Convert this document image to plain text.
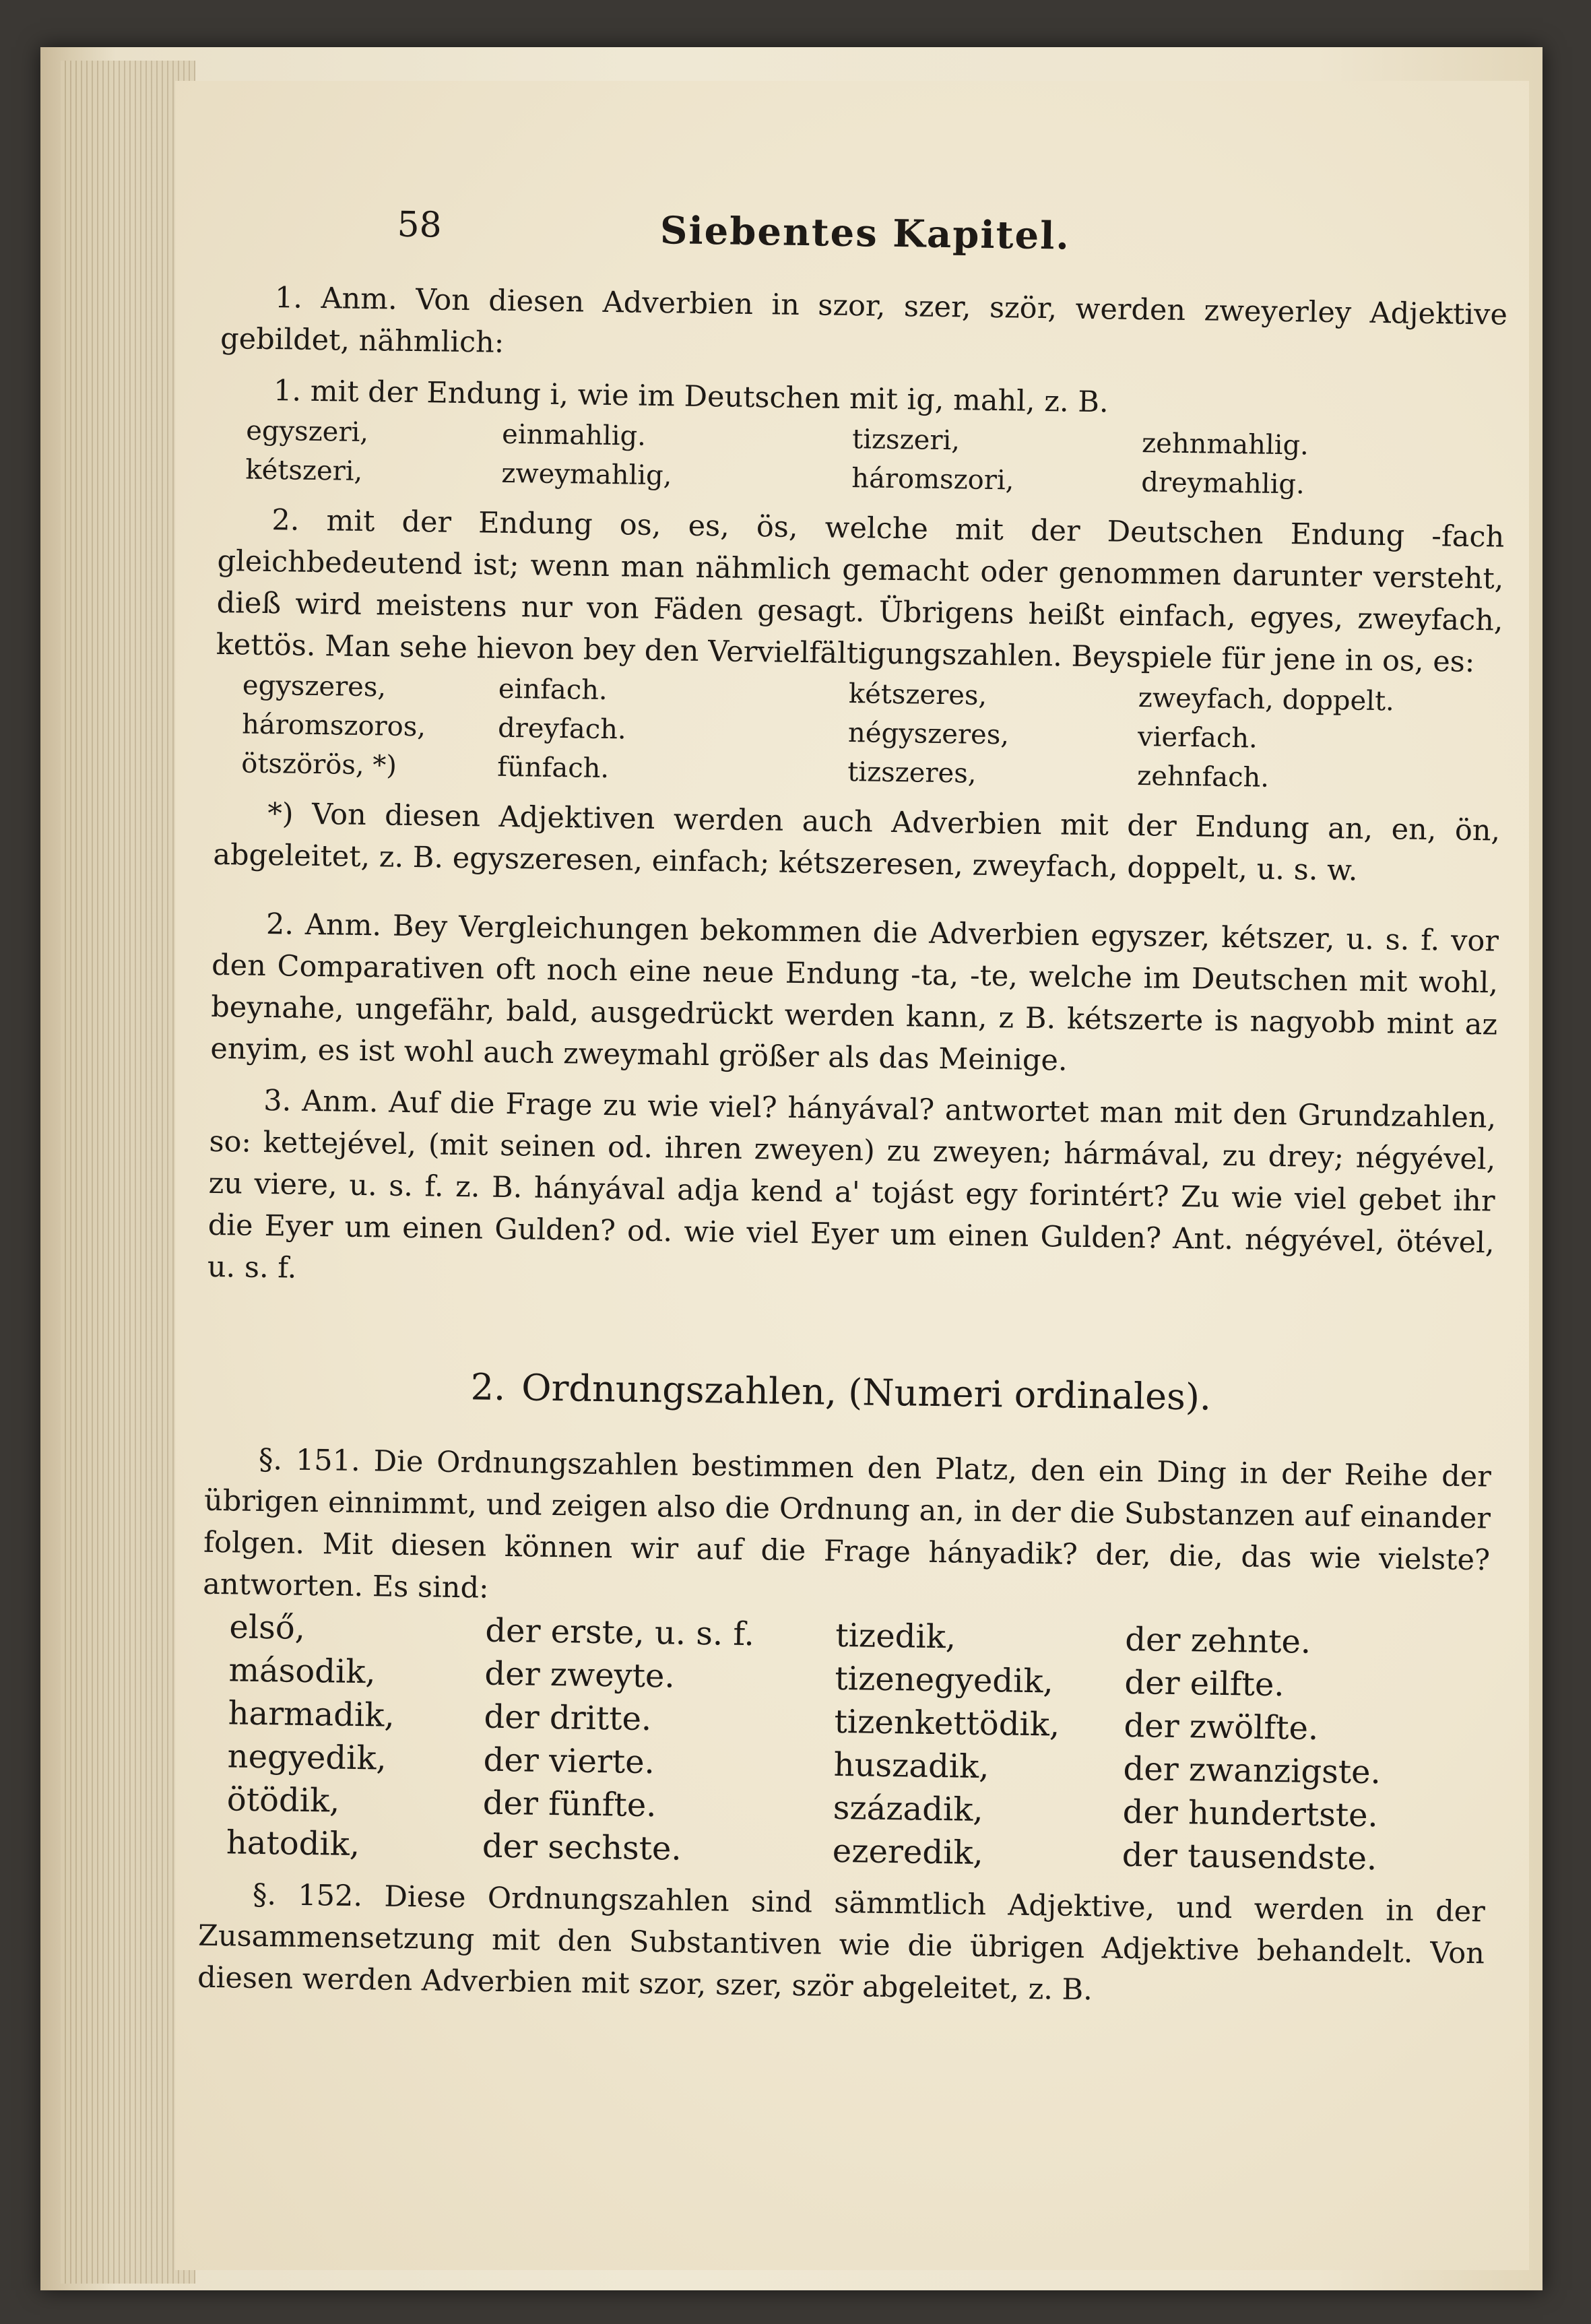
58	Siebentes Kapitel.

1. Anm. Von diesen Adverbien in szor, szer, ször, werden zweyerley Adjektive gebildet, nähmlich:

1. mit der Endung i, wie im Deutschen mit ig, mahl, z. B.

egyszeri,	einmahlig.	tizszeri,	zehnmahlig.
kétszeri,	zweymahlig,	háromszori,	dreymahlig.

2. mit der Endung os, es, ös, welche mit der Deutschen Endung -fach gleichbedeutend ist; wenn man nähmlich gemacht oder genommen darunter versteht, dieß wird meistens nur von Fäden gesagt. Übrigens heißt einfach, egyes, zweyfach, kettös. Man sehe hievon bey den Vervielfältigungszahlen. Beyspiele für jene in os, es:

egyszeres,	einfach.	kétszeres,	zweyfach, doppelt.
háromszoros,	dreyfach.	négyszeres,	vierfach.
ötszörös, *)	fünfach.	tizszeres,	zehnfach.

*) Von diesen Adjektiven werden auch Adverbien mit der Endung an, en, ön, abgeleitet, z. B. egyszeresen, einfach; kétszeresen, zweyfach, doppelt, u. s. w.

2. Anm. Bey Vergleichungen bekommen die Adverbien egyszer, kétszer, u. s. f. vor den Comparativen oft noch eine neue Endung -ta, -te, welche im Deutschen mit wohl, beynahe, ungefähr, bald, ausgedrückt werden kann, z B. kétszerte is nagyobb mint az enyim, es ist wohl auch zweymahl größer als das Meinige.

3. Anm. Auf die Frage zu wie viel? hányával? antwortet man mit den Grundzahlen, so: kettejével, (mit seinen od. ihren zweyen) zu zweyen; hármával, zu drey; négyével, zu viere, u. s. f. z. B. hányával adja kend a' tojást egy forintért? Zu wie viel gebet ihr die Eyer um einen Gulden? od. wie viel Eyer um einen Gulden? Ant. négyével, ötével, u. s. f.

2. Ordnungszahlen, (Numeri ordinales).

§. 151. Die Ordnungszahlen bestimmen den Platz, den ein Ding in der Reihe der übrigen einnimmt, und zeigen also die Ordnung an, in der die Substanzen auf einander folgen. Mit diesen können wir auf die Frage hányadik? der, die, das wie vielste? antworten. Es sind:

első,	der erste, u. s. f.	tizedik,	der zehnte.
második,	der zweyte.	tizenegyedik,	der eilfte.
harmadik,	der dritte.	tizenkettödik,	der zwölfte.
negyedik,	der vierte.	huszadik,	der zwanzigste.
ötödik,	der fünfte.	századik,	der hundertste.
hatodik,	der sechste.	ezeredik,	der tausendste.

§. 152. Diese Ordnungszahlen sind sämmtlich Adjektive, und werden in der Zusammensetzung mit den Substantiven wie die übrigen Adjektive behandelt. Von diesen werden Adverbien mit szor, szer, ször abgeleitet, z. B.
